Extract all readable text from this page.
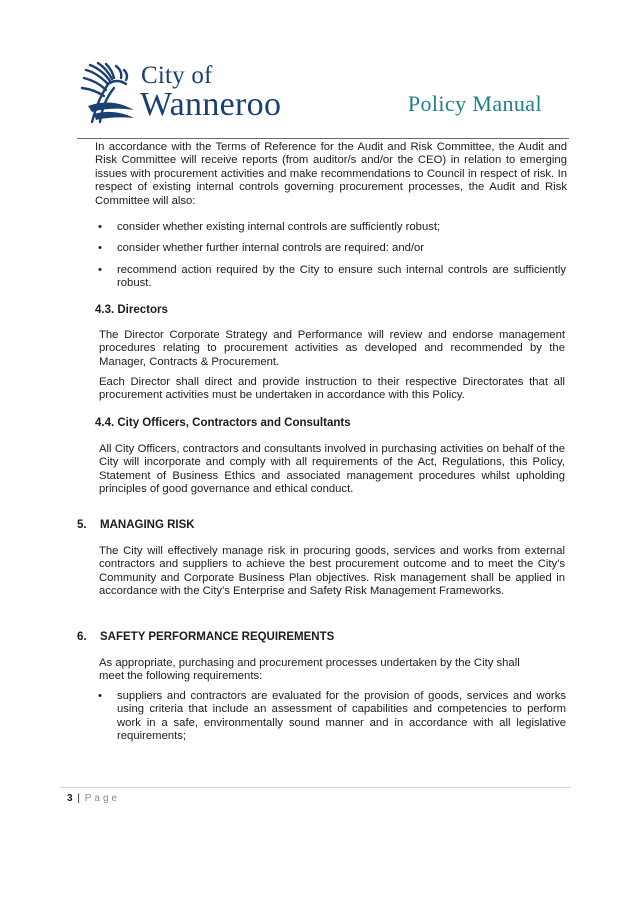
City of
Wanneroo	Policy Manual

In accordance with the Terms of Reference for the Audit and Risk Committee, the Audit and Risk Committee will receive reports (from auditor/s and/or the CEO) in relation to emerging issues with procurement activities and make recommendations to Council in respect of risk. In respect of existing internal controls governing procurement processes, the Audit and Risk Committee will also:

• consider whether existing internal controls are sufficiently robust;
• consider whether further internal controls are required: and/or
• recommend action required by the City to ensure such internal controls are sufficiently robust.
4.3. Directors

The Director Corporate Strategy and Performance will review and endorse management procedures relating to procurement activities as developed and recommended by the Manager, Contracts & Procurement.

Each Director shall direct and provide instruction to their respective Directorates that all procurement activities must be undertaken in accordance with this Policy.

4.4. City Officers, Contractors and Consultants

All City Officers, contractors and consultants involved in purchasing activities on behalf of the City will incorporate and comply with all requirements of the Act, Regulations, this Policy, Statement of Business Ethics and associated management procedures whilst upholding principles of good governance and ethical conduct.

5. MANAGING RISK

The City will effectively manage risk in procuring goods, services and works from external contractors and suppliers to achieve the best procurement outcome and to meet the City's Community and Corporate Business Plan objectives. Risk management shall be applied in accordance with the City's Enterprise and Safety Risk Management Frameworks.

6. SAFETY PERFORMANCE REQUIREMENTS

As appropriate, purchasing and procurement processes undertaken by the City shall meet the following requirements:

• suppliers and contractors are evaluated for the provision of goods, services and works using criteria that include an assessment of capabilities and competencies to perform work in a safe, environmentally sound manner and in accordance with all legislative requirements;
3 | Page
